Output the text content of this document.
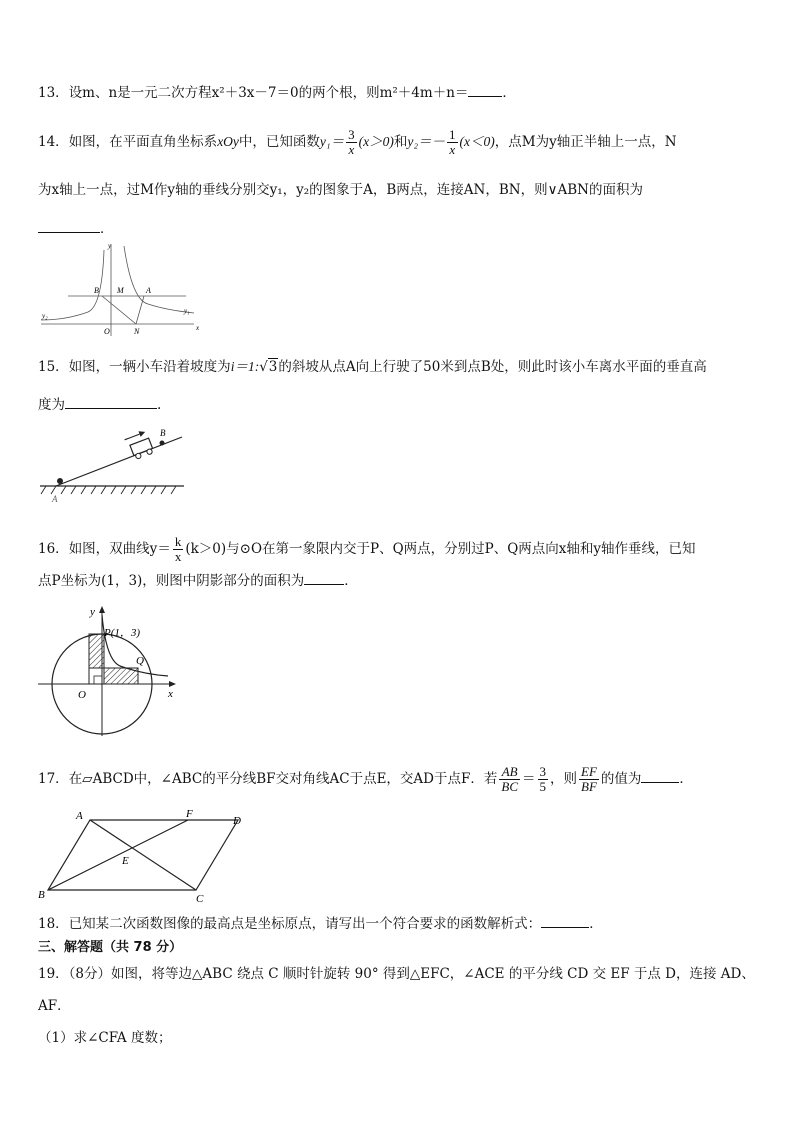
13．设m、n是一元二次方程x²＋3x－7＝0的两个根，则m²＋4m＋n＝	．
14．如图，在平面直角坐标系xOy中，已知函数$y_1= \frac{3}{x} (x>0)$和$y_2=- \frac{1}{x} (x<0)$，点M为y轴正半轴上一点，N
为x轴上一点，过M作y轴的垂线分别交y₁，y₂的图象于A，B两点，连接AN，BN，则∨ABN的面积为
．
y
B M	A
O	N	x
y₁
y₂
15．如图，一辆小车沿着坡度为i＝1:√3的斜坡从点A向上行驶了50米到点B处，则此时该小车离水平面的垂直高
度为	.
A
B
16．如图，双曲线$y= \frac{k}{x} (k>0)$与⊙O在第一象限内交于P、Q两点，分别过P、Q两点向x轴和y轴作垂线，已知
点P坐标为(1，3)，则图中阴影部分的面积为	．
y
x
O
P(1，3)
Q
17．在▱ABCD中，∠ABC的平分线BF交对角线AC于点E，交AD于点F．若 $\frac{AB}{BC} = \frac{3}{5}$ ，则 $\frac{EF}{BF}$ 的值为	．
A	F
D
E
B	C
18．已知某二次函数图像的最高点是坐标原点，请写出一个符合要求的函数解析式：	．
三、解答题（共 78 分）
19．（8分）如图，将等边△ABC 绕点 C 顺时针旋转 90° 得到△EFC，∠ACE 的平分线 CD 交 EF 于点 D，连接 AD、
AF．
（1）求∠CFA 度数；
